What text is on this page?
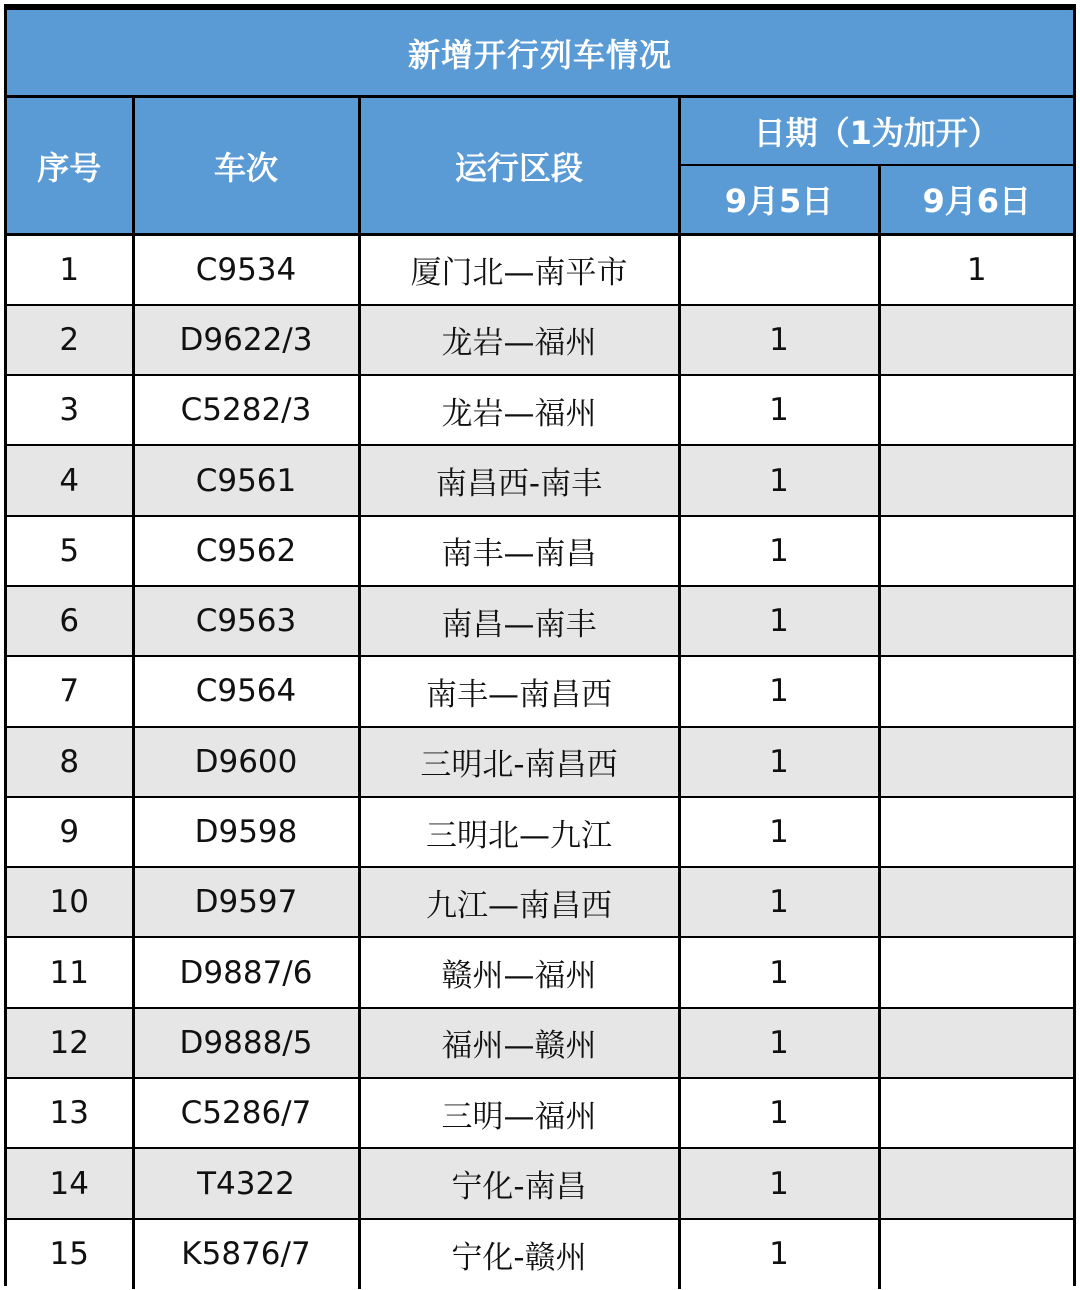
新增开行列车情况				
序号	车次	运行区段	日期（1为加开）	
			9月5日	9月6日
1	C9534	厦门北—南平市		1
2	D9622/3	龙岩—福州	1	
3	C5282/3	龙岩—福州	1	
4	C9561	南昌西-南丰	1	
5	C9562	南丰—南昌	1	
6	C9563	南昌—南丰	1	
7	C9564	南丰—南昌西	1	
8	D9600	三明北-南昌西	1	
9	D9598	三明北—九江	1	
10	D9597	九江—南昌西	1	
11	D9887/6	赣州—福州	1	
12	D9888/5	福州—赣州	1	
13	C5286/7	三明—福州	1	
14	T4322	宁化-南昌	1	
15	K5876/7	宁化-赣州	1	
